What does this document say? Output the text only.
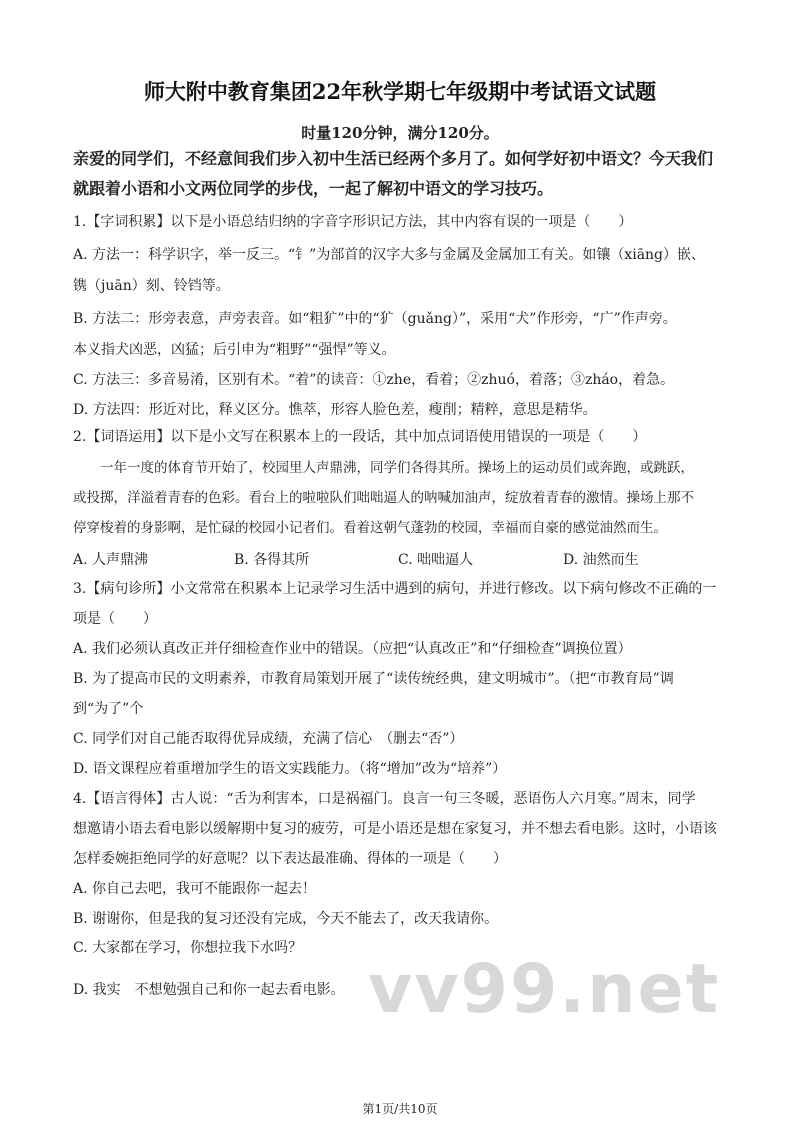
师大附中教育集团22年秋学期七年级期中考试语文试题
时量120分钟，满分120分。
亲爱的同学们，不经意间我们步入初中生活已经两个多月了。如何学好初中语文？今天我们
就跟着小语和小文两位同学的步伐，一起了解初中语文的学习技巧。
1.【字词积累】以下是小语总结归纳的字音字形识记方法，其中内容有误的一项是（　　）
A. 方法一：科学识字，举一反三。“钅”为部首的汉字大多与金属及金属加工有关。如镶（xiāng）嵌、
镌（juān）刻、铃铛等。
B. 方法二：形旁表意，声旁表音。如“粗犷”中的“犷（guǎng）”，采用“犬”作形旁，“广”作声旁。
本义指犬凶恶，凶猛；后引申为“粗野”“强悍”等义。
C. 方法三：多音易淆，区别有术。“着”的读音：①zhe，看着；②zhuó，着落；③zháo，着急。
D. 方法四：形近对比，释义区分。憔萃，形容人脸色差，瘦削；精粹，意思是精华。
2.【词语运用】以下是小文写在积累本上的一段话，其中加点词语使用错误的一项是（　　）
一年一度的体育节开始了，校园里人声鼎沸，同学们各得其所。操场上的运动员们或奔跑，或跳跃，
或投掷，洋溢着青春的色彩。看台上的啦啦队们咄咄逼人的呐喊加油声，绽放着青春的激情。操场上那不
停穿梭着的身影啊，是忙碌的校园小记者们。看着这朝气蓬勃的校园，幸福而自豪的感觉油然而生。
A. 人声鼎沸	B. 各得其所	C. 咄咄逼人	D. 油然而生
3.【病句诊所】小文常常在积累本上记录学习生活中遇到的病句，并进行修改。以下病句修改不正确的一
项是（　　）
A. 我们必须认真改正并仔细检查作业中的错误。（应把“认真改正”和“仔细检查”调换位置）
B. 为了提高市民的文明素养，市教育局策划开展了“读传统经典，建文明城市”。（把“市教育局”调
到“为了”个
C. 同学们对自己能否取得优异成绩，充满了信心　（删去“否”）
D. 语文课程应着重增加学生的语文实践能力。（将“增加”改为“培养”）
4.【语言得体】古人说：“舌为利害本，口是祸福门。良言一句三冬暖，恶语伤人六月寒。”周末，同学
想邀请小语去看电影以缓解期中复习的疲劳，可是小语还是想在家复习，并不想去看电影。这时，小语该
怎样委婉拒绝同学的好意呢？以下表达最准确、得体的一项是（　　）
A. 你自己去吧，我可不能跟你一起去！
B. 谢谢你，但是我的复习还没有完成，今天不能去了，改天我请你。
C. 大家都在学习，你想拉我下水吗？
D. 我实　不想勉强自己和你一起去看电影。 vv99.net
第1页/共10页
